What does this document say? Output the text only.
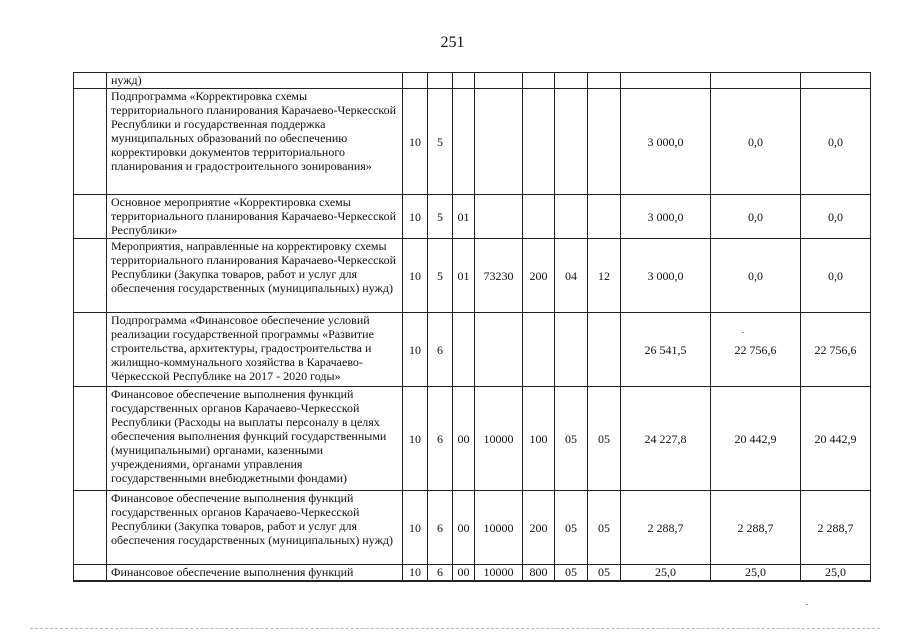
251
	нужд)										
	Подпрограмма «Корректировка схемы территориального планирования Карачаево-Черкесской Республики и государственная поддержка муниципальных образований по обеспечению корректировки документов территориального планирования и градостроительного зонирования»	10	5						3 000,0	0,0	0,0
	Основное мероприятие «Корректировка схемы территориального планирования Карачаево-Черкесской Республики»	10	5	01					3 000,0	0,0	0,0
	Мероприятия, направленные на корректировку схемы территориального планирования Карачаево-Черкесской Республики (Закупка товаров, работ и услуг для обеспечения государственных (муниципальных) нужд)	10	5	01	73230	200	04	12	3 000,0	0,0	0,0
	Подпрограмма «Финансовое обеспечение условий реализации государственной программы «Развитие строительства, архитектуры, градостроительства и жилищно-коммунального хозяйства в Карачаево-Черкесской Республике на 2017 - 2020 годы»	10	6						26 541,5	22 756,6	22 756,6
	Финансовое обеспечение выполнения функций государственных органов Карачаево-Черкесской Республики (Расходы на выплаты персоналу в целях обеспечения выполнения функций государственными (муниципальными) органами, казенными учреждениями, органами управления государственными внебюджетными фондами)	10	6	00	10000	100	05	05	24 227,8	20 442,9	20 442,9
	Финансовое обеспечение выполнения функций государственных органов Карачаево-Черкесской Республики (Закупка товаров, работ и услуг для обеспечения государственных (муниципальных) нужд)	10	6	00	10000	200	05	05	2 288,7	2 288,7	2 288,7
	Финансовое обеспечение выполнения функций	10	6	00	10000	800	05	05	25,0	25,0	25,0
